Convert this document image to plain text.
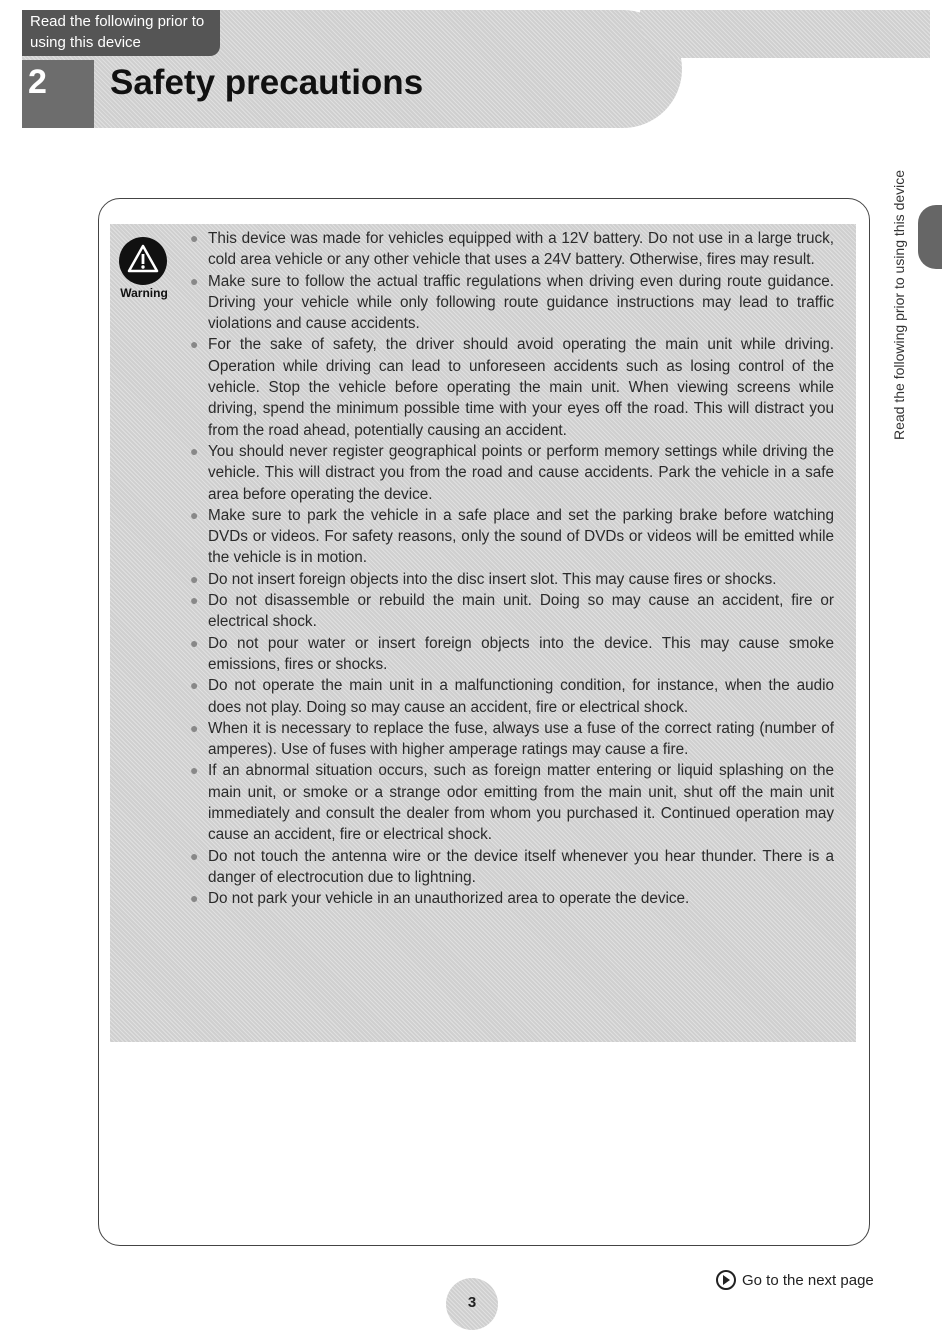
Read the following prior to using this device
2	Safety precautions
Read the following prior to using this device
Warning
● This device was made for vehicles equipped with a 12V battery. Do not use in a large truck, cold area vehicle or any other vehicle that uses a 24V battery. Otherwise, fires may result.
● Make sure to follow the actual traffic regulations when driving even during route guidance. Driving your vehicle while only following route guidance instructions may lead to traffic violations and cause accidents.
● For the sake of safety, the driver should avoid operating the main unit while driving. Operation while driving can lead to unforeseen accidents such as losing control of the vehicle. Stop the vehicle before operating the main unit. When viewing screens while driving, spend the minimum possible time with your eyes off the road. This will distract you from the road ahead, potentially causing an accident.
● You should never register geographical points or perform memory settings while driving the vehicle. This will distract you from the road and cause accidents. Park the vehicle in a safe area before operating the device.
● Make sure to park the vehicle in a safe place and set the parking brake before watching DVDs or videos. For safety reasons, only the sound of DVDs or videos will be emitted while the vehicle is in motion.
● Do not insert foreign objects into the disc insert slot. This may cause fires or shocks.
● Do not disassemble or rebuild the main unit. Doing so may cause an accident, fire or electrical shock.
● Do not pour water or insert foreign objects into the device. This may cause smoke emissions, fires or shocks.
● Do not operate the main unit in a malfunctioning condition, for instance, when the audio does not play. Doing so may cause an accident, fire or electrical shock.
● When it is necessary to replace the fuse, always use a fuse of the correct rating (number of amperes). Use of fuses with higher amperage ratings may cause a fire.
● If an abnormal situation occurs, such as foreign matter entering or liquid splashing on the main unit, or smoke or a strange odor emitting from the main unit, shut off the main unit immediately and consult the dealer from whom you purchased it. Continued operation may cause an accident, fire or electrical shock.
● Do not touch the antenna wire or the device itself whenever you hear thunder. There is a danger of electrocution due to lightning.
● Do not park your vehicle in an unauthorized area to operate the device.
Go to the next page
3
